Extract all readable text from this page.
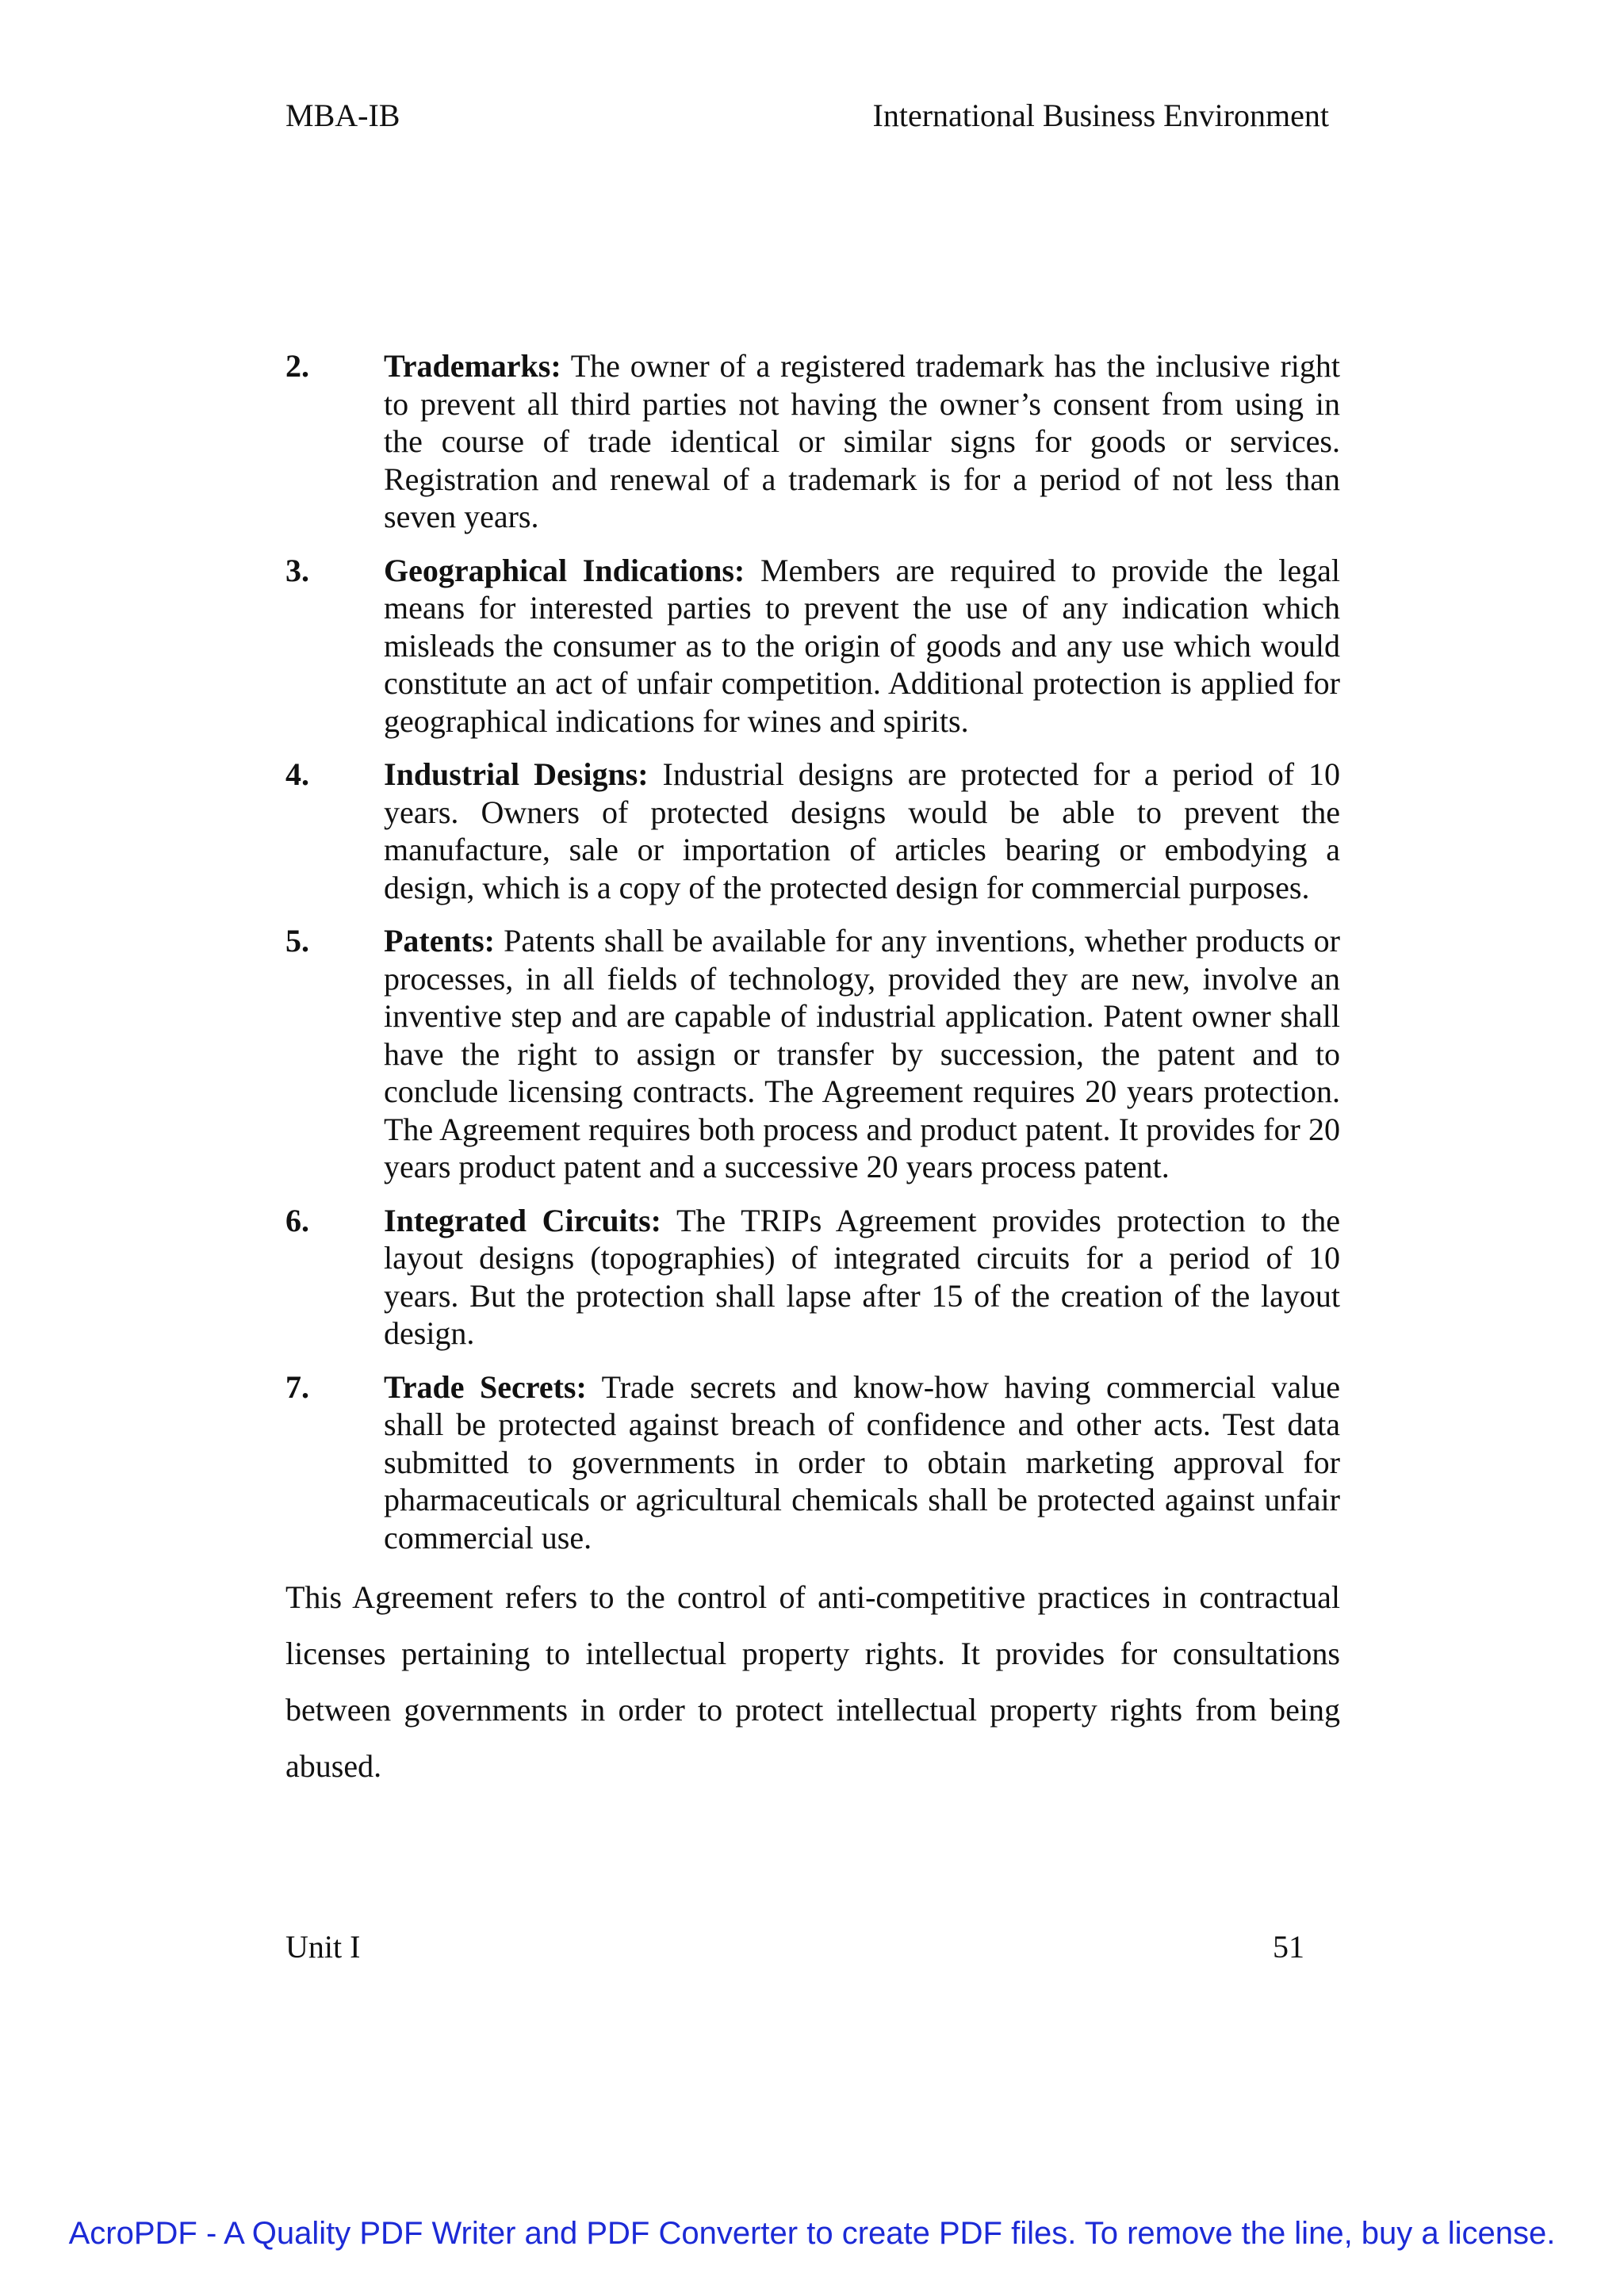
MBA-IB	International Business Environment
2.	Trademarks: The owner of a registered trademark has the inclusive right to prevent all third parties not having the owner’s consent from using in the course of trade identical or similar signs for goods or services. Registration and renewal of a trademark is for a period of not less than seven years.
3.	Geographical Indications: Members are required to provide the legal means for interested parties to prevent the use of any indication which misleads the consumer as to the origin of goods and any use which would constitute an act of unfair competition. Additional protection is applied for geographical indications for wines and spirits.
4.	Industrial Designs: Industrial designs are protected for a period of 10 years. Owners of protected designs would be able to prevent the manufacture, sale or importation of articles bearing or embodying a design, which is a copy of the protected design for commercial purposes.
5.	Patents: Patents shall be available for any inventions, whether products or processes, in all fields of technology, provided they are new, involve an inventive step and are capable of industrial application. Patent owner shall have the right to assign or transfer by succession, the patent and to conclude licensing contracts. The Agreement requires 20 years protection. The Agreement requires both process and product patent. It provides for 20 years product patent and a successive 20 years process patent.
6.	Integrated Circuits: The TRIPs Agreement provides protection to the layout designs (topographies) of integrated circuits for a period of 10 years. But the protection shall lapse after 15 of the creation of the layout design.
7.	Trade Secrets: Trade secrets and know-how having commercial value shall be protected against breach of confidence and other acts. Test data submitted to governments in order to obtain marketing approval for pharmaceuticals or agricultural chemicals shall be protected against unfair commercial use.

This Agreement refers to the control of anti-competitive practices in contractual licenses pertaining to intellectual property rights. It provides for consultations between governments in order to protect intellectual property rights from being abused.

Unit I	51
AcroPDF - A Quality PDF Writer and PDF Converter to create PDF files. To remove the line, buy a license.
